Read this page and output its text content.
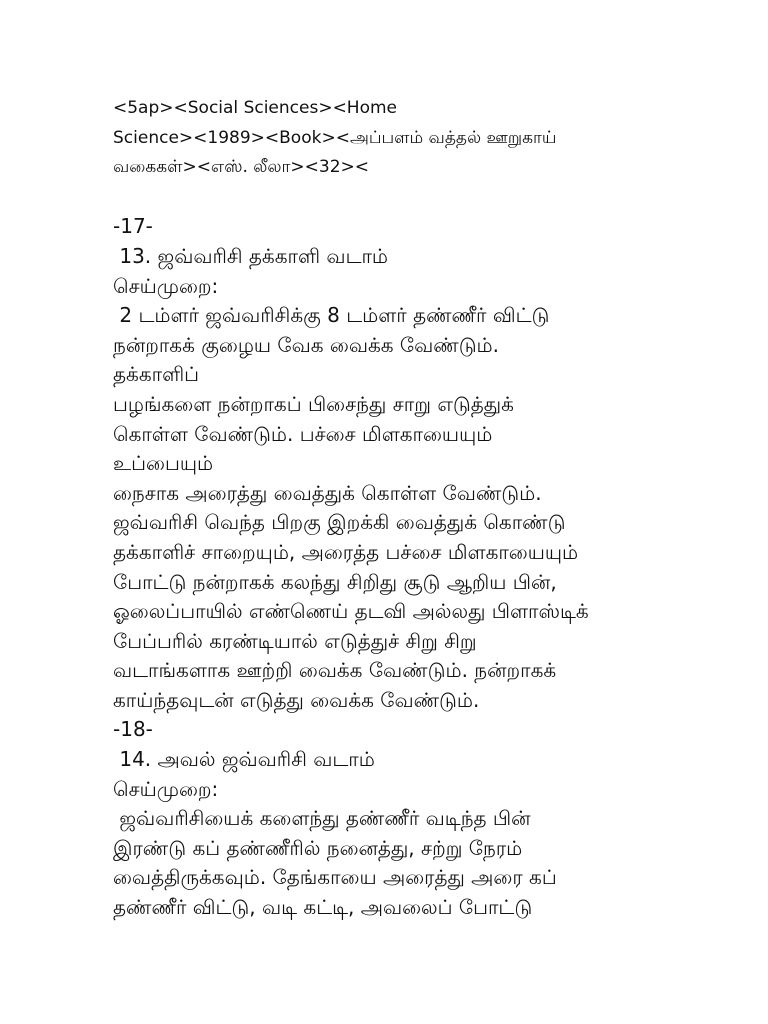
<5ap><Social Sciences><Home
Science><1989><Book><அப்பளம் வத்தல் ஊறுகாய்
வகைகள்><எஸ். லீலா><32><
-17-
13. ஜவ்வரிசி தக்காளி வடாம்
செய்முறை:
2 டம்ளர் ஜவ்வரிசிக்கு 8 டம்ளர் தண்ணீர் விட்டு
நன்றாகக் குழைய வேக வைக்க வேண்டும்.
தக்காளிப்
பழங்களை நன்றாகப் பிசைந்து சாறு எடுத்துக்
கொள்ள வேண்டும். பச்சை மிளகாயையும்
உப்பையும்
நைசாக அரைத்து வைத்துக் கொள்ள வேண்டும்.
ஜவ்வரிசி வெந்த பிறகு இறக்கி வைத்துக் கொண்டு
தக்காளிச் சாறையும், அரைத்த பச்சை மிளகாயையும்
போட்டு நன்றாகக் கலந்து சிறிது சூடு ஆறிய பின்,
ஓலைப்பாயில் எண்ணெய் தடவி அல்லது பிளாஸ்டிக்
பேப்பரில் கரண்டியால் எடுத்துச் சிறு சிறு
வடாங்களாக ஊற்றி வைக்க வேண்டும். நன்றாகக்
காய்ந்தவுடன் எடுத்து வைக்க வேண்டும்.
-18-
14. அவல் ஜவ்வரிசி வடாம்
செய்முறை:
ஜவ்வரிசியைக் களைந்து தண்ணீர் வடிந்த பின்
இரண்டு கப் தண்ணீரில் நனைத்து, சற்று நேரம்
வைத்திருக்கவும். தேங்காயை அரைத்து அரை கப்
தண்ணீர் விட்டு, வடி கட்டி, அவலைப் போட்டு
